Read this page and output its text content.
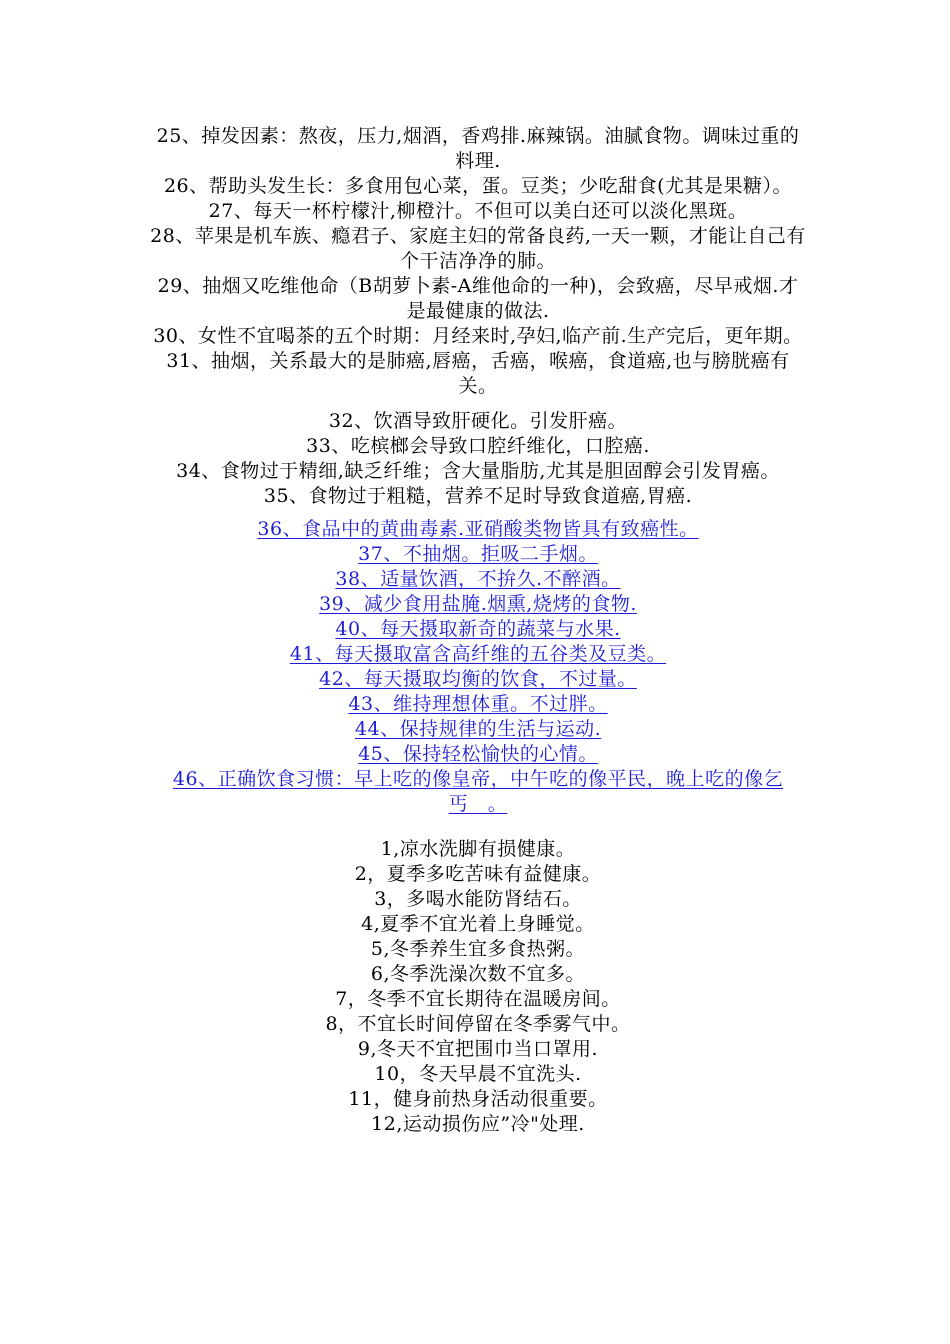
25、掉发因素：熬夜，压力,烟酒，香鸡排.麻辣锅。油腻食物。调味过重的料理.

26、帮助头发生长：多食用包心菜，蛋。豆类；少吃甜食(尤其是果糖）。

27、每天一杯柠檬汁,柳橙汁。不但可以美白还可以淡化黑斑。

28、苹果是机车族、瘾君子、家庭主妇的常备良药,一天一颗，才能让自己有个干洁净净的肺。

29、抽烟又吃维他命（B胡萝卜素-A维他命的一种)，会致癌，尽早戒烟.才是最健康的做法.

30、女性不宜喝茶的五个时期：月经来时,孕妇,临产前.生产完后，更年期。

31、抽烟，关系最大的是肺癌,唇癌，舌癌，喉癌，食道癌,也与膀胱癌有关。

32、饮酒导致肝硬化。引发肝癌。

33、吃槟榔会导致口腔纤维化，口腔癌.

34、食物过于精细,缺乏纤维；含大量脂肪,尤其是胆固醇会引发胃癌。

35、食物过于粗糙，营养不足时导致食道癌,胃癌.

36、食品中的黄曲毒素.亚硝酸类物皆具有致癌性。

37、不抽烟。拒吸二手烟。

38、适量饮酒，不拚久.不醉酒。

39、减少食用盐腌.烟熏,烧烤的食物.

40、每天摄取新奇的蔬菜与水果.

41、每天摄取富含高纤维的五谷类及豆类。

42、每天摄取均衡的饮食，不过量。

43、维持理想体重。不过胖。

44、保持规律的生活与运动.

45、保持轻松愉快的心情。

46、正确饮食习惯：早上吃的像皇帝，中午吃的像平民，晚上吃的像乞丐　。

1,凉水洗脚有损健康。

2，夏季多吃苦味有益健康。

3，多喝水能防肾结石。

4,夏季不宜光着上身睡觉。

5,冬季养生宜多食热粥。

6,冬季洗澡次数不宜多。

7，冬季不宜长期待在温暖房间。

8，不宜长时间停留在冬季雾气中。

9,冬天不宜把围巾当口罩用.

10，冬天早晨不宜洗头.

11，健身前热身活动很重要。

12,运动损伤应”冷"处理.
